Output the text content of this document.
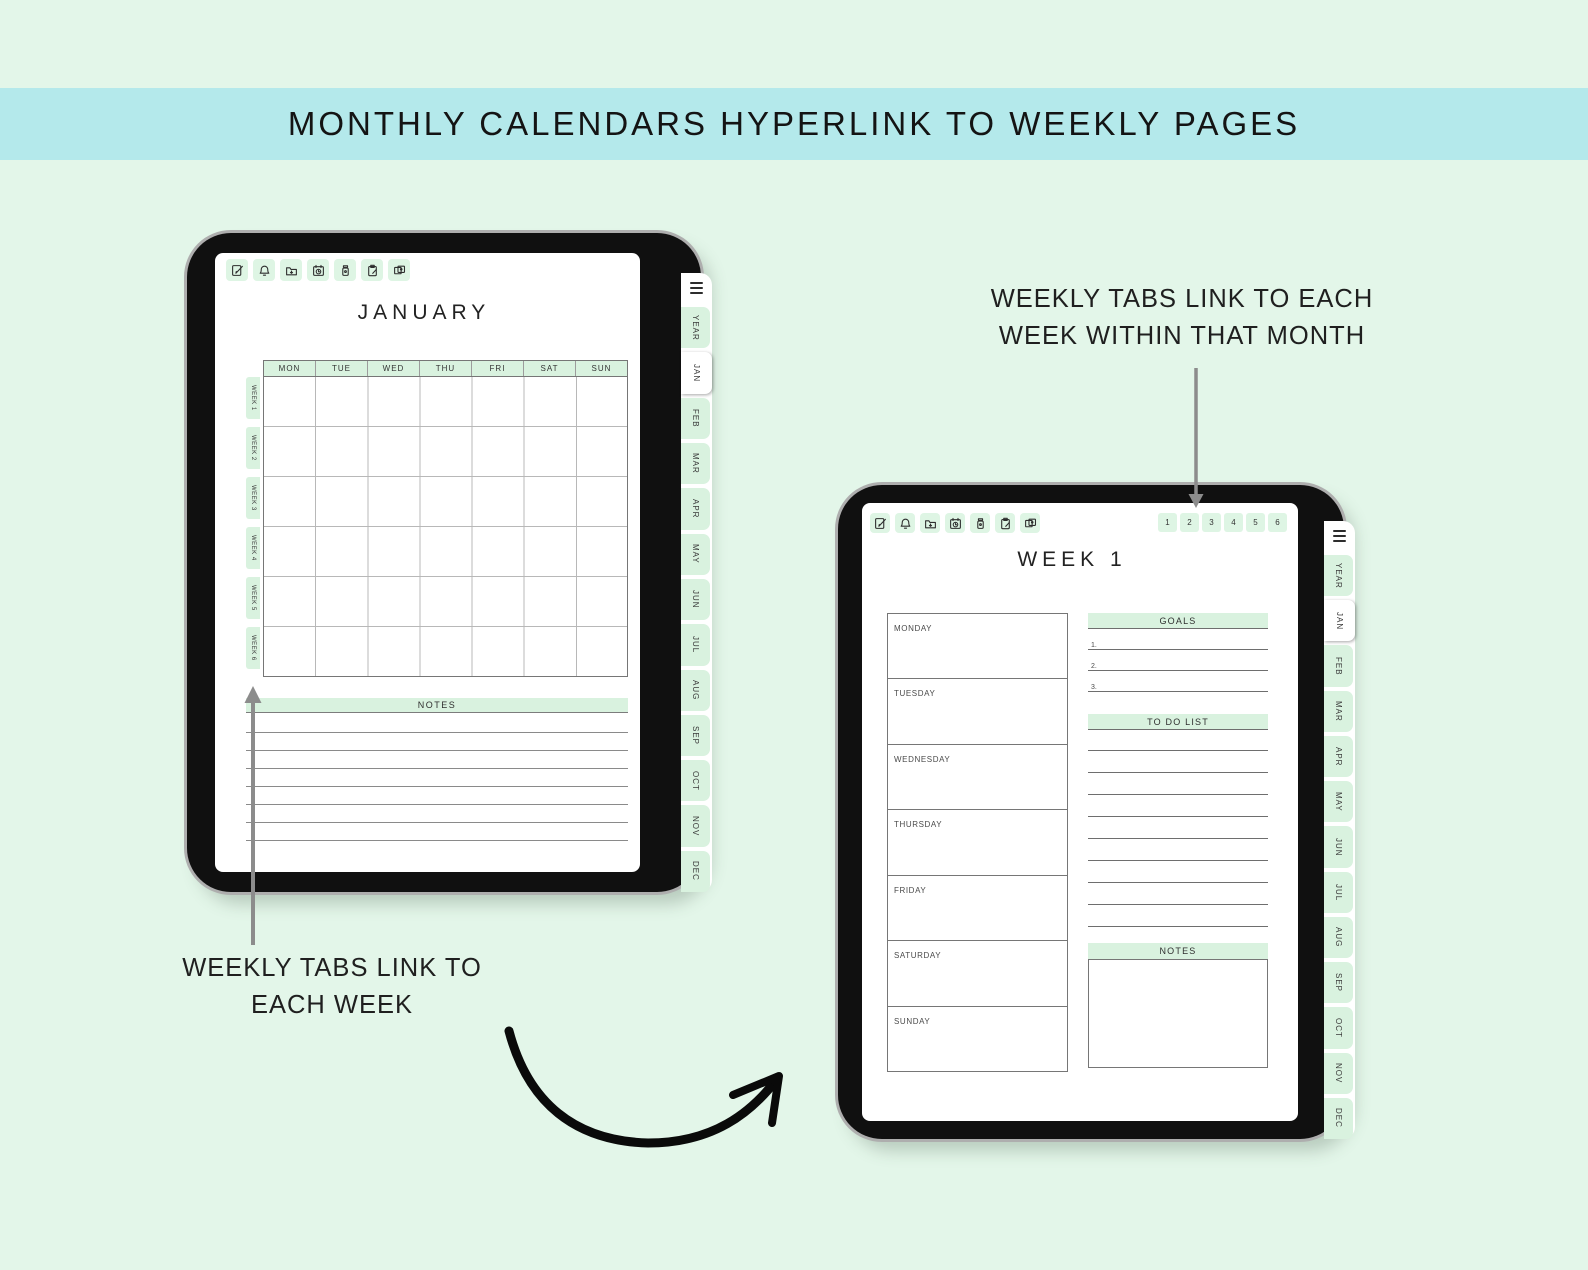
MONTHLY CALENDARS HYPERLINK TO WEEKLY PAGES
JANUARY
WEEK 1
WEEK 2
WEEK 3
WEEK 4
WEEK 5
WEEK 6
MON	TUE	WED	THU	FRI	SAT	SUN
NOTES
YEAR
JAN
FEB
MAR
APR
MAY
JUN
JUL
AUG
SEP
OCT
NOV
DEC
1	2	3	4	5	6
WEEK 1
MONDAY
TUESDAY
WEDNESDAY
THURSDAY
FRIDAY
SATURDAY
SUNDAY
GOALS
1.
2.
3.
TO DO LIST
NOTES
YEAR
JAN
FEB
MAR
APR
MAY
JUN
JUL
AUG
SEP
OCT
NOV
DEC
WEEKLY TABS LINK TO EACH
WEEK WITHIN THAT MONTH
WEEKLY TABS LINK TO
EACH WEEK
